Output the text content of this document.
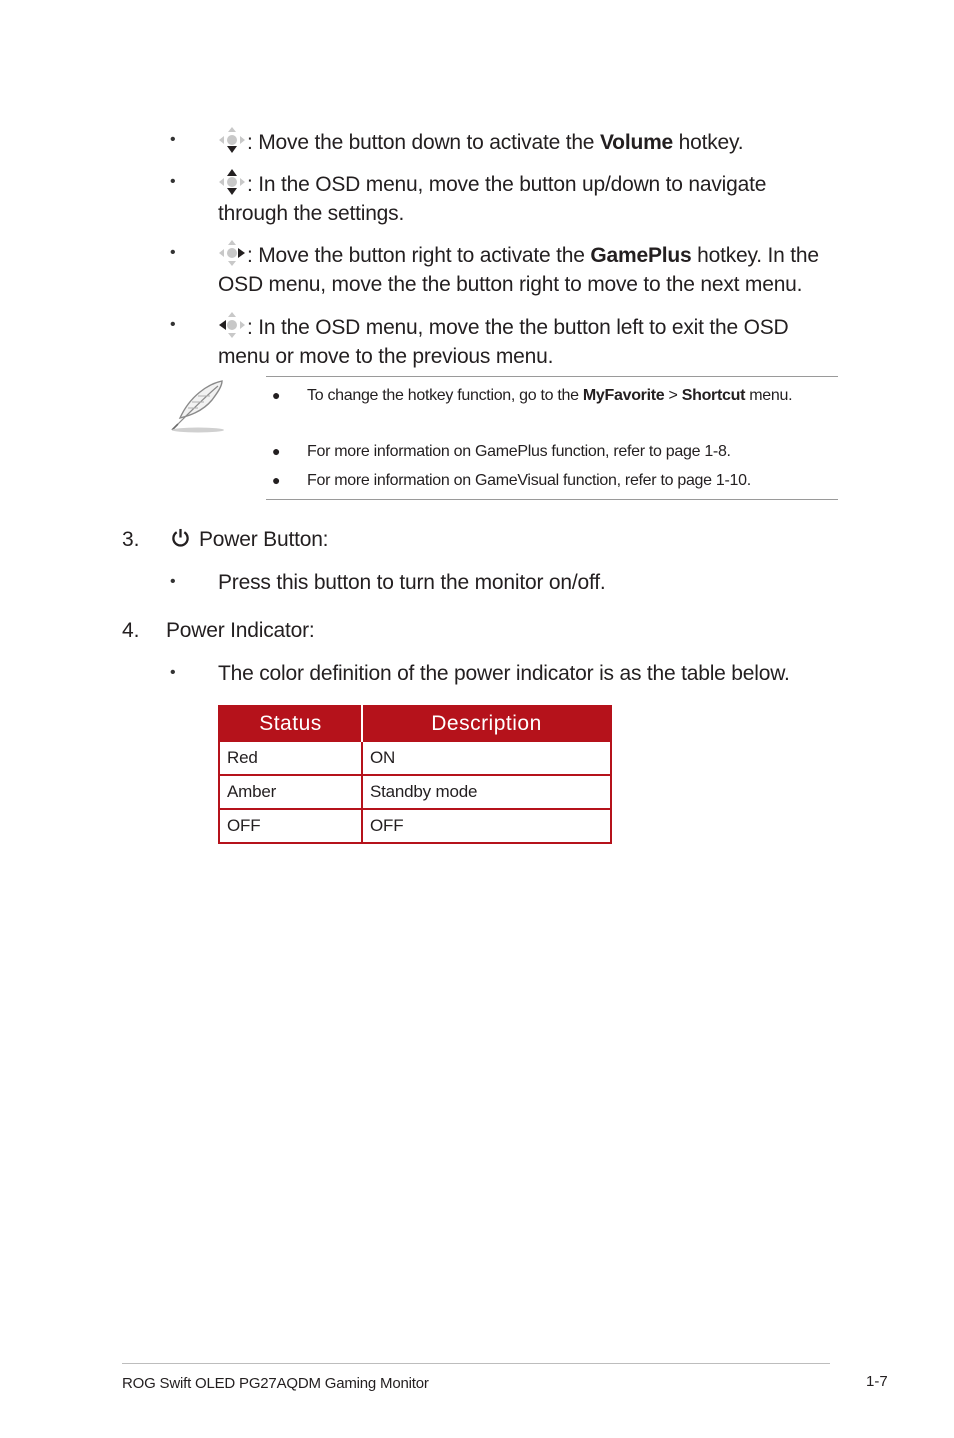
•	: Move the button down to activate the Volume hotkey.
•	: In the OSD menu, move the button up/down to navigate through the settings.
•	: Move the button right to activate the GamePlus hotkey. In the OSD menu, move the the button right to move to the next menu.
•	: In the OSD menu, move the the button left to exit the OSD menu or move to the previous menu.
● To change the hotkey function, go to the MyFavorite > Shortcut menu.
● For more information on GamePlus function, refer to page 1-8.
● For more information on GameVisual function, refer to page 1-10.
3.	Power Button:
• Press this button to turn the monitor on/off.
4. Power Indicator:
• The color definition of the power indicator is as the table below.
Status	Description
Red	ON
Amber	Standby mode
OFF	OFF
ROG Swift OLED PG27AQDM Gaming Monitor	1-7
